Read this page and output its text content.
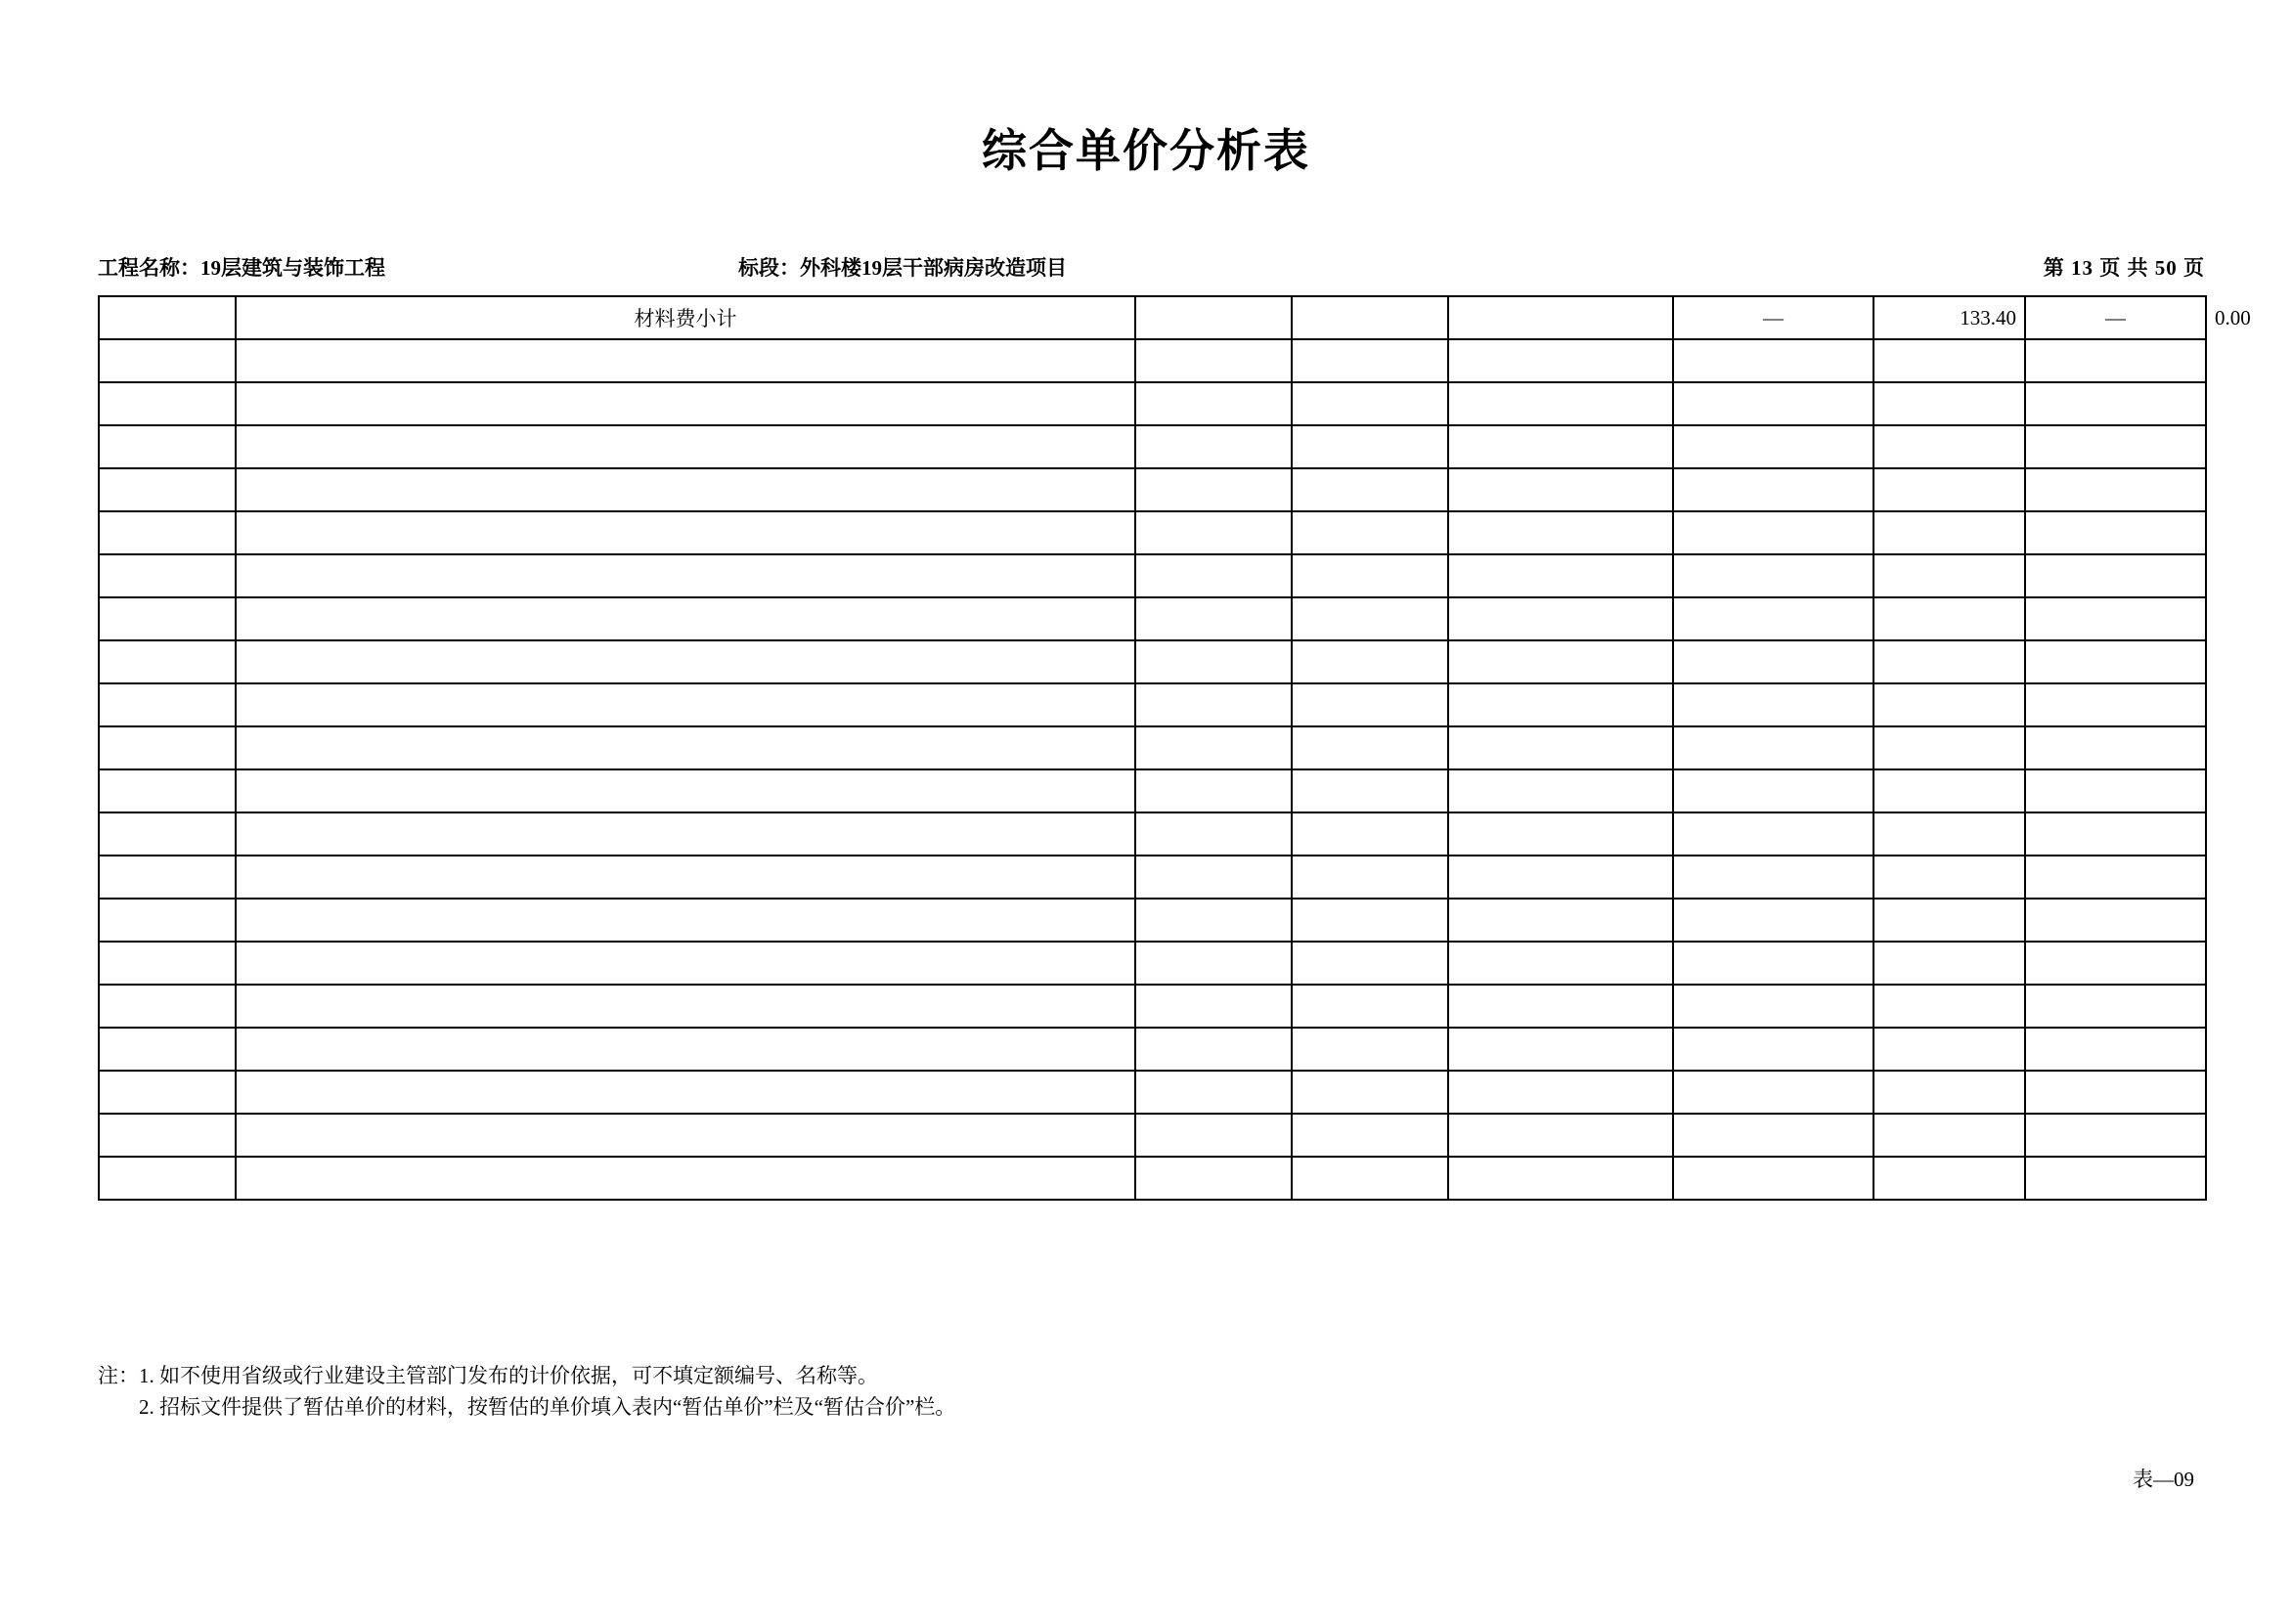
综合单价分析表
工程名称：19层建筑与装饰工程	标段：外科楼19层干部病房改造项目	第 13 页 共 50 页
	材料费小计				—	133.40	—	0.00

注：1. 如不使用省级或行业建设主管部门发布的计价依据，可不填定额编号、名称等。
2. 招标文件提供了暂估单价的材料，按暂估的单价填入表内“暂估单价”栏及“暂估合价”栏。
表—09
